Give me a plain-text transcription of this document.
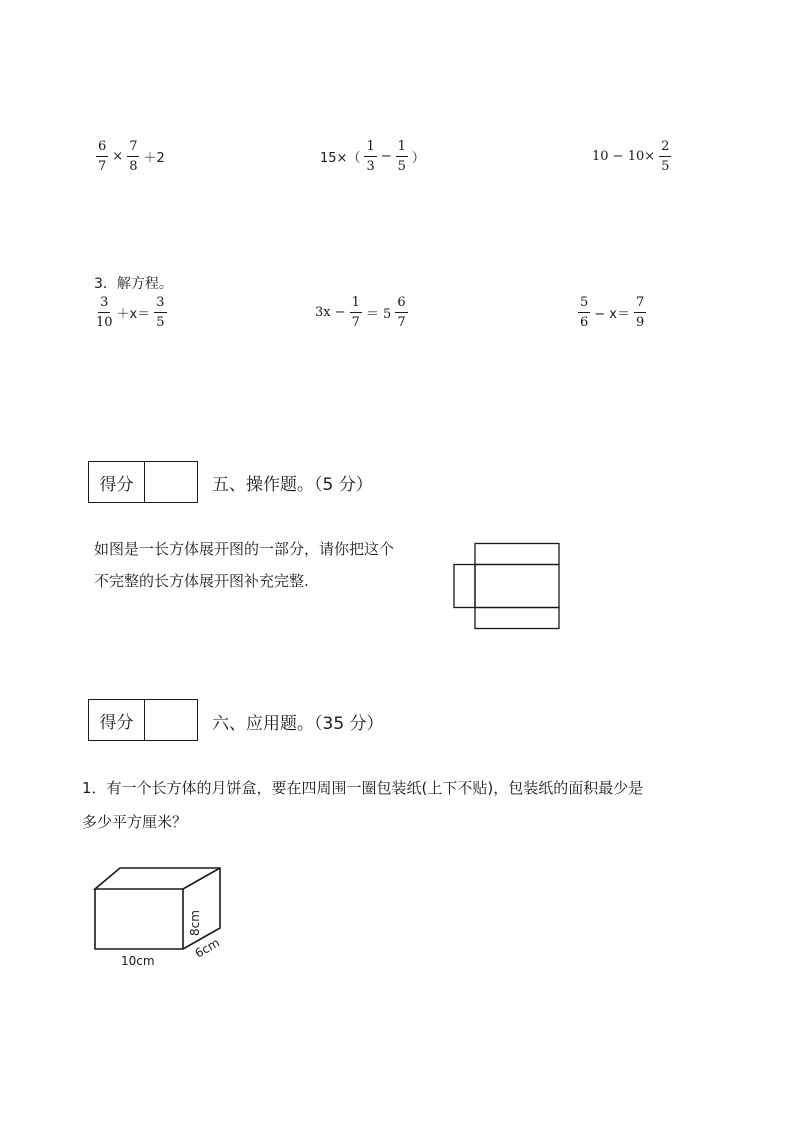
$\frac{6}{7} \times \frac{7}{8} +2$	$15\times( \frac{1}{3} - \frac{1}{5}$ ）	$10 - 10\times \frac{2}{5}$
3．解方程。
$\frac{3}{10} +x= \frac{3}{5}$	$3x - \frac{1}{7} = 5 \frac{6}{7}$	$\frac{5}{6} - x= \frac{7}{9}$
得分	五、操作题。（5 分）
如图是一长方体展开图的一部分，请你把这个
不完整的长方体展开图补充完整.
得分	六、应用题。（35 分）
1．有一个长方体的月饼盒，要在四周围一圈包装纸(上下不贴)，包装纸的面积最少是
多少平方厘米？
10cm
8cm
6cm
